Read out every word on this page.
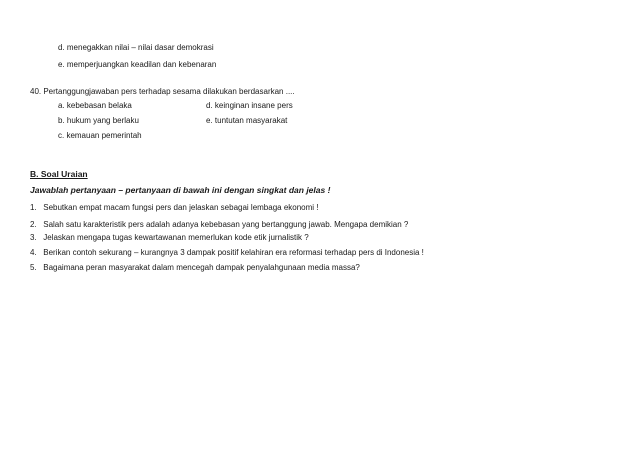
d. menegakkan nilai – nilai dasar demokrasi
e. memperjuangkan keadilan dan kebenaran
40. Pertanggungjawaban pers terhadap sesama dilakukan berdasarkan ....
a. kebebasan belaka	d. keinginan insane pers
b. hukum yang berlaku	e. tuntutan masyarakat
c. kemauan pemerintah
B. Soal Uraian
Jawablah pertanyaan – pertanyaan di bawah ini dengan singkat dan jelas !
1. Sebutkan empat macam fungsi pers dan jelaskan sebagai lembaga ekonomi !
2. Salah satu karakteristik pers adalah adanya kebebasan yang bertanggung jawab. Mengapa demikian ?
3. Jelaskan mengapa tugas kewartawanan memerlukan kode etik jurnalistik ?
4. Berikan contoh sekurang – kurangnya 3 dampak positif kelahiran era reformasi terhadap pers di Indonesia !
5. Bagaimana peran masyarakat dalam mencegah dampak penyalahgunaan media massa?
